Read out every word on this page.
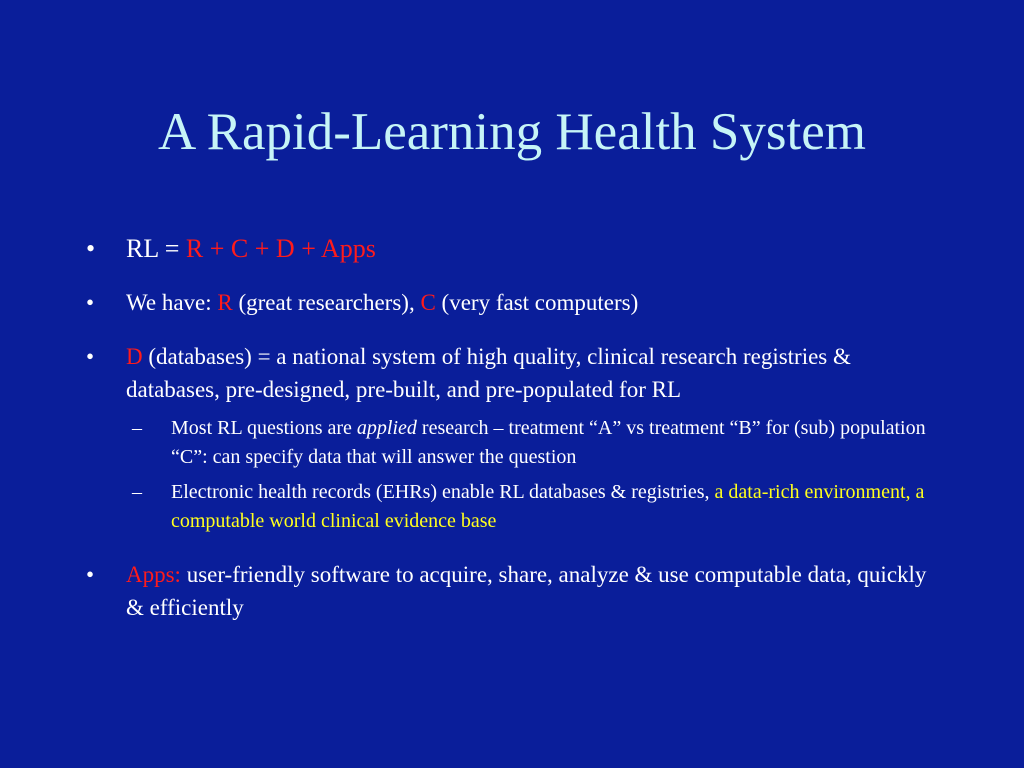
A Rapid-Learning Health System
• RL = R + C + D + Apps
• We have: R (great researchers), C (very fast computers)
• D (databases) = a national system of high quality, clinical research registries & databases, pre-designed, pre-built, and pre-populated for RL
– Most RL questions are applied research – treatment “A” vs treatment “B” for (sub) population “C”: can specify data that will answer the question
– Electronic health records (EHRs) enable RL databases & registries, a data-rich environment, a computable world clinical evidence base
• Apps: user-friendly software to acquire, share, analyze & use computable data, quickly & efficiently
